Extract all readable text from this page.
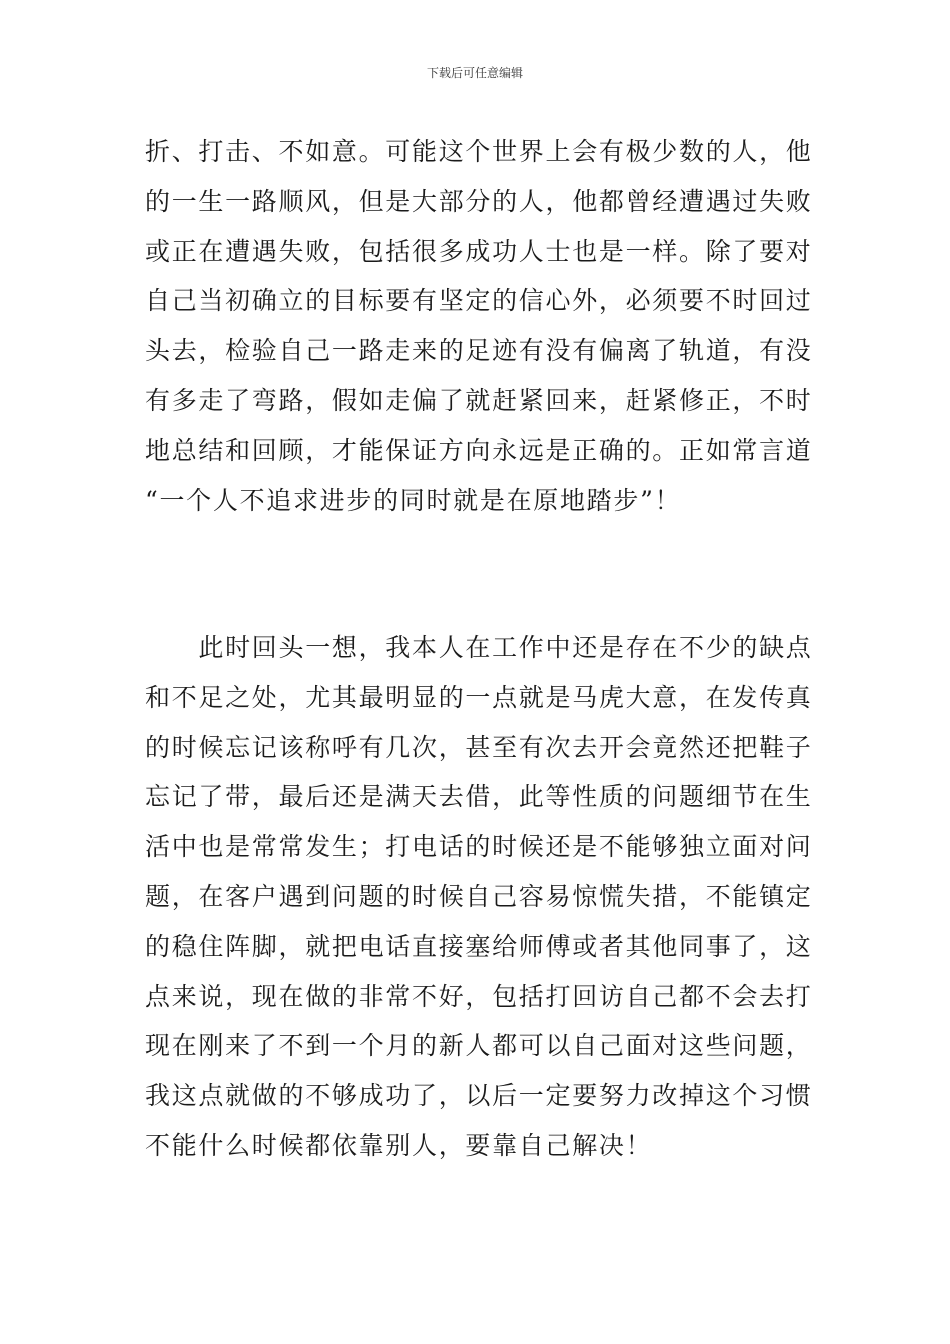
下载后可任意编辑
折、打击、不如意。可能这个世界上会有极少数的人，他
的一生一路顺风，但是大部分的人，他都曾经遭遇过失败
或正在遭遇失败，包括很多成功人士也是一样。除了要对
自己当初确立的目标要有坚定的信心外，必须要不时回过
头去，检验自己一路走来的足迹有没有偏离了轨道，有没
有多走了弯路，假如走偏了就赶紧回来，赶紧修正，不时
地总结和回顾，才能保证方向永远是正确的。正如常言道
“一个人不追求进步的同时就是在原地踏步”！
　　此时回头一想，我本人在工作中还是存在不少的缺点
和不足之处，尤其最明显的一点就是马虎大意，在发传真
的时候忘记该称呼有几次，甚至有次去开会竟然还把鞋子
忘记了带，最后还是满天去借，此等性质的问题细节在生
活中也是常常发生；打电话的时候还是不能够独立面对问
题，在客户遇到问题的时候自己容易惊慌失措，不能镇定
的稳住阵脚，就把电话直接塞给师傅或者其他同事了，这
点来说，现在做的非常不好，包括打回访自己都不会去打
现在刚来了不到一个月的新人都可以自己面对这些问题，
我这点就做的不够成功了，以后一定要努力改掉这个习惯
不能什么时候都依靠别人，要靠自己解决！
